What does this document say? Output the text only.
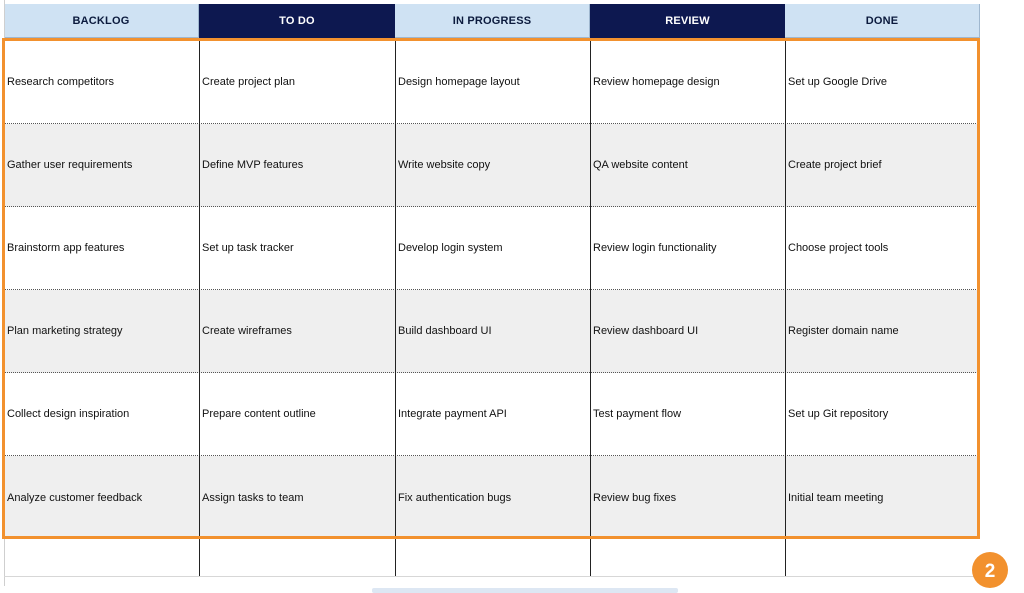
BACKLOG	TO DO	IN PROGRESS	REVIEW	DONE
Research competitors	Create project plan	Design homepage layout	Review homepage design	Set up Google Drive
Gather user requirements	Define MVP features	Write website copy	QA website content	Create project brief
Brainstorm app features	Set up task tracker	Develop login system	Review login functionality	Choose project tools
Plan marketing strategy	Create wireframes	Build dashboard UI	Review dashboard UI	Register domain name
Collect design inspiration	Prepare content outline	Integrate payment API	Test payment flow	Set up Git repository
Analyze customer feedback	Assign tasks to team	Fix authentication bugs	Review bug fixes	Initial team meeting
2
